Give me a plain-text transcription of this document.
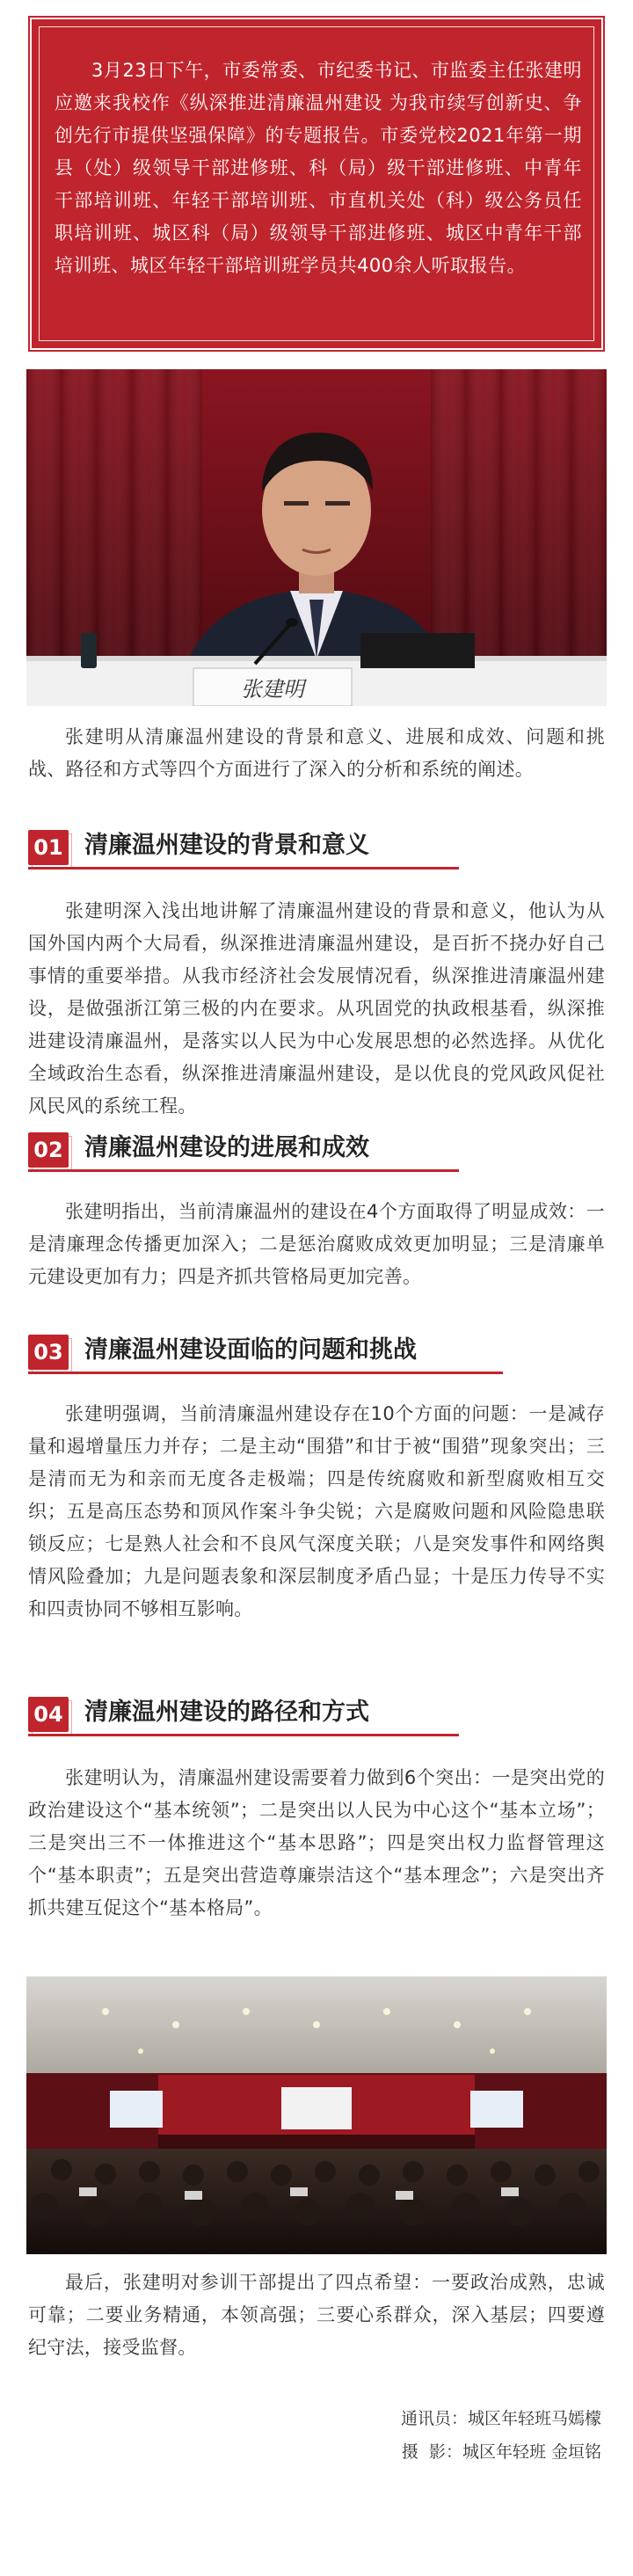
3月23日下午，市委常委、市纪委书记、市监委主任张建明应邀来我校作《纵深推进清廉温州建设 为我市续写创新史、争创先行市提供坚强保障》的专题报告。市委党校2021年第一期县（处）级领导干部进修班、科（局）级干部进修班、中青年干部培训班、年轻干部培训班、市直机关处（科）级公务员任职培训班、城区科（局）级领导干部进修班、城区中青年干部培训班、城区年轻干部培训班学员共400余人听取报告。

张建明

张建明从清廉温州建设的背景和意义、进展和成效、问题和挑战、路径和方式等四个方面进行了深入的分析和系统的阐述。

01 清廉温州建设的背景和意义

张建明深入浅出地讲解了清廉温州建设的背景和意义，他认为从国外国内两个大局看，纵深推进清廉温州建设，是百折不挠办好自己事情的重要举措。从我市经济社会发展情况看，纵深推进清廉温州建设，是做强浙江第三极的内在要求。从巩固党的执政根基看，纵深推进建设清廉温州，是落实以人民为中心发展思想的必然选择。从优化全域政治生态看，纵深推进清廉温州建设，是以优良的党风政风促社风民风的系统工程。

02 清廉温州建设的进展和成效

张建明指出，当前清廉温州的建设在4个方面取得了明显成效：一是清廉理念传播更加深入；二是惩治腐败成效更加明显；三是清廉单元建设更加有力；四是齐抓共管格局更加完善。

03 清廉温州建设面临的问题和挑战

张建明强调，当前清廉温州建设存在10个方面的问题：一是减存量和遏增量压力并存；二是主动“围猎”和甘于被“围猎”现象突出；三是清而无为和亲而无度各走极端；四是传统腐败和新型腐败相互交织；五是高压态势和顶风作案斗争尖锐；六是腐败问题和风险隐患联锁反应；七是熟人社会和不良风气深度关联；八是突发事件和网络舆情风险叠加；九是问题表象和深层制度矛盾凸显；十是压力传导不实和四责协同不够相互影响。

04 清廉温州建设的路径和方式

张建明认为，清廉温州建设需要着力做到6个突出：一是突出党的政治建设这个“基本统领”；二是突出以人民为中心这个“基本立场”；三是突出三不一体推进这个“基本思路”；四是突出权力监督管理这个“基本职责”；五是突出营造尊廉崇洁这个“基本理念”；六是突出齐抓共建互促这个“基本格局”。

最后，张建明对参训干部提出了四点希望：一要政治成熟，忠诚可靠；二要业务精通，本领高强；三要心系群众，深入基层；四要遵纪守法，接受监督。

通讯员：城区年轻班马嫣檬
摄  影：城区年轻班 金垣铭
